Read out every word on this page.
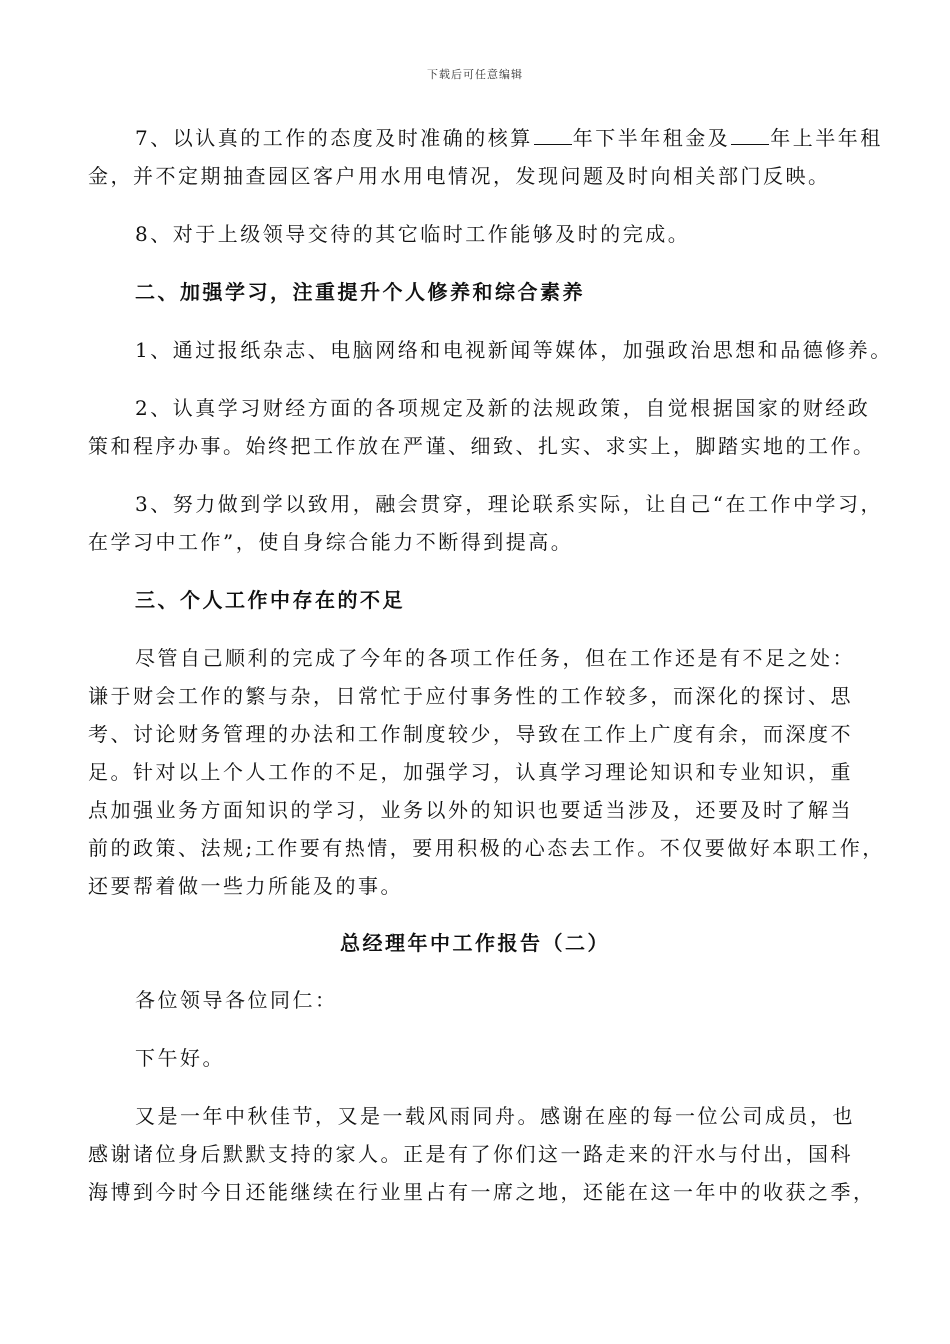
下载后可任意编辑
7、以认真的工作的态度及时准确的核算 年下半年租金及 年上半年租
金，并不定期抽查园区客户用水用电情况，发现问题及时向相关部门反映。
8、对于上级领导交待的其它临时工作能够及时的完成。
二、加强学习，注重提升个人修养和综合素养
1、通过报纸杂志、电脑网络和电视新闻等媒体，加强政治思想和品德修养。
2、认真学习财经方面的各项规定及新的法规政策，自觉根据国家的财经政
策和程序办事。始终把工作放在严谨、细致、扎实、求实上，脚踏实地的工作。
3、努力做到学以致用，融会贯穿，理论联系实际，让自己“在工作中学习，
在学习中工作”，使自身综合能力不断得到提高。
三、个人工作中存在的不足
尽管自己顺利的完成了今年的各项工作任务，但在工作还是有不足之处：
谦于财会工作的繁与杂，日常忙于应付事务性的工作较多，而深化的探讨、思
考、讨论财务管理的办法和工作制度较少，导致在工作上广度有余，而深度不
足。针对以上个人工作的不足，加强学习，认真学习理论知识和专业知识，重
点加强业务方面知识的学习，业务以外的知识也要适当涉及，还要及时了解当
前的政策、法规;工作要有热情，要用积极的心态去工作。不仅要做好本职工作，
还要帮着做一些力所能及的事。
总经理年中工作报告（二）
各位领导各位同仁：
下午好。
又是一年中秋佳节，又是一载风雨同舟。感谢在座的每一位公司成员，也
感谢诸位身后默默支持的家人。正是有了你们这一路走来的汗水与付出，国科
海博到今时今日还能继续在行业里占有一席之地，还能在这一年中的收获之季，
